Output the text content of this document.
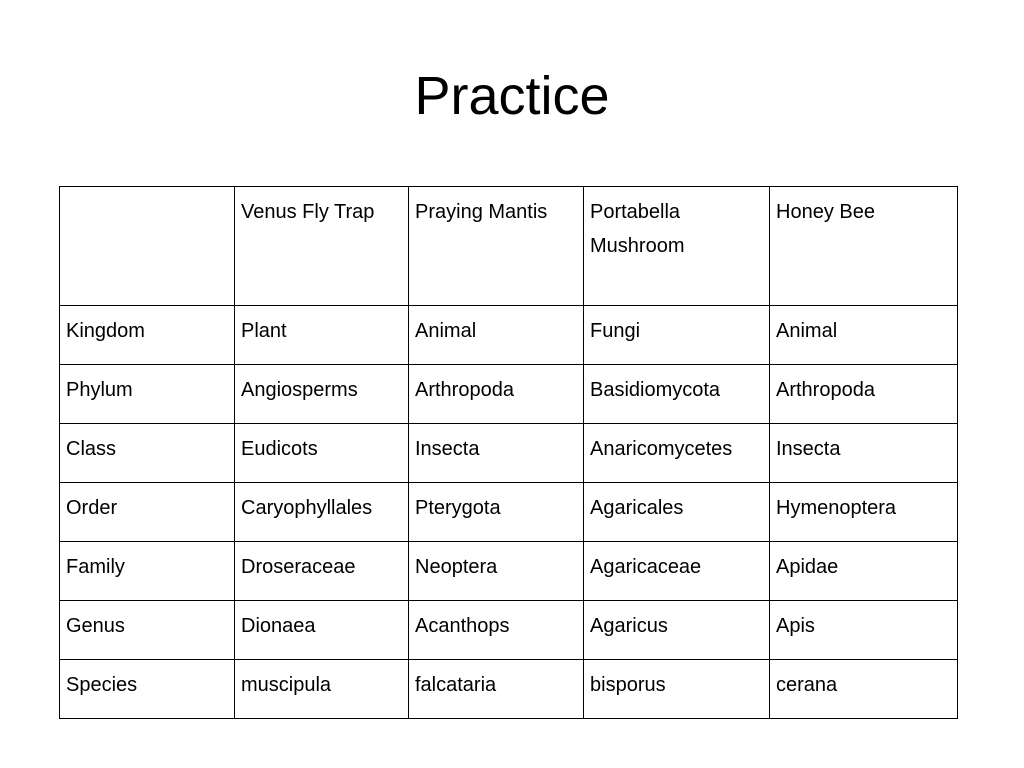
Practice
	Venus Fly Trap	Praying Mantis	Portabella Mushroom	Honey Bee
Kingdom	Plant	Animal	Fungi	Animal
Phylum	Angiosperms	Arthropoda	Basidiomycota	Arthropoda
Class	Eudicots	Insecta	Anaricomycetes	Insecta
Order	Caryophyllales	Pterygota	Agaricales	Hymenoptera
Family	Droseraceae	Neoptera	Agaricaceae	Apidae
Genus	Dionaea	Acanthops	Agaricus	Apis
Species	muscipula	falcataria	bisporus	cerana
